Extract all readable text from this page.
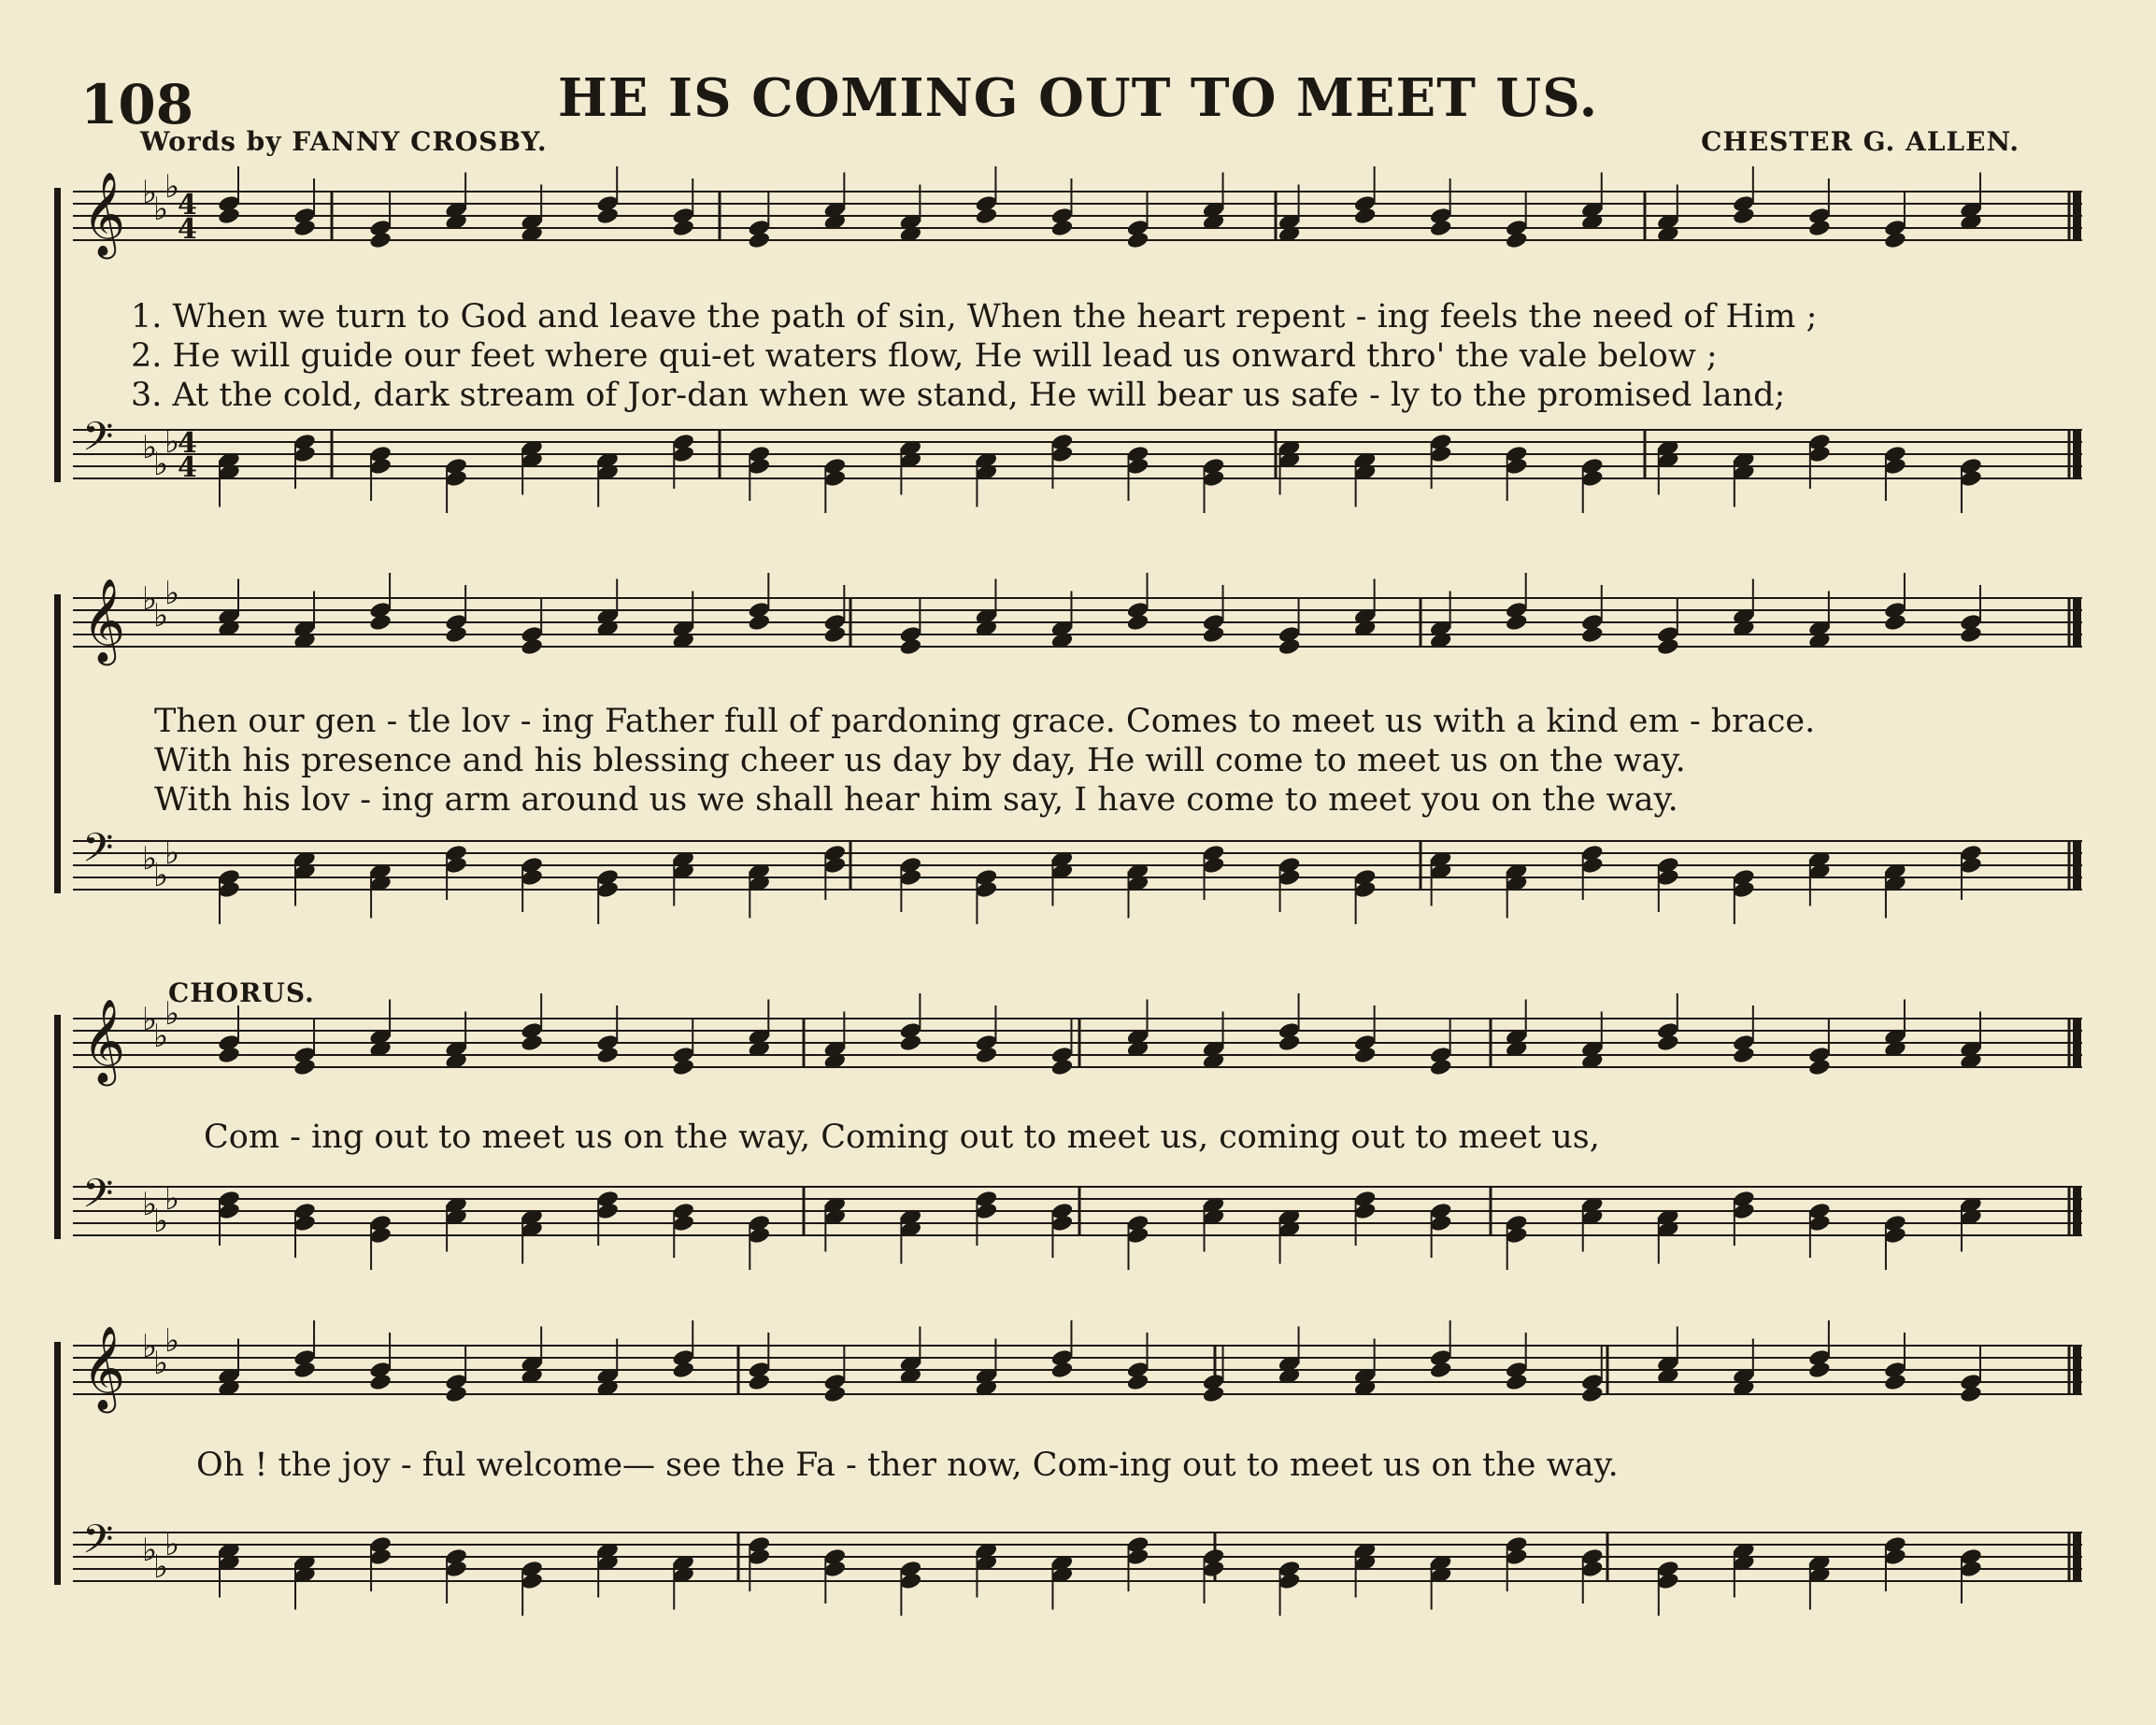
108	HE IS COMING OUT TO MEET US.
Words by FANNY CROSBY.	CHESTER G. ALLEN.
𝄞 ♭
♭
♭
𝄢 ♭
♭
♭
𝄞 ♭
♭
♭
𝄢 ♭
♭
♭
𝄞 ♭
♭
♭
𝄢 ♭
♭
♭
𝄞 ♭
♭
♭
𝄢 ♭
♭
♭
4
4
4
4
1. When we turn to God and leave the path of sin, When the heart repent - ing feels the need of Him ;
2. He will guide our feet where qui-et waters flow, He will lead us onward thro' the vale below ;
3. At the cold, dark stream of Jor-dan when we stand, He will bear us safe - ly to the promised land;
Then our gen - tle lov - ing Father full of pardoning grace. Comes to meet us with a kind em - brace.
With his presence and his blessing cheer us day by day, He will come to meet us on the way.
With his lov - ing arm around us we shall hear him say, I have come to meet you on the way.
CHORUS.
Com - ing out to meet us on the way, Coming out to meet us, coming out to meet us,
Oh ! the joy - ful welcome— see the Fa - ther now, Com-ing out to meet us on the way.
